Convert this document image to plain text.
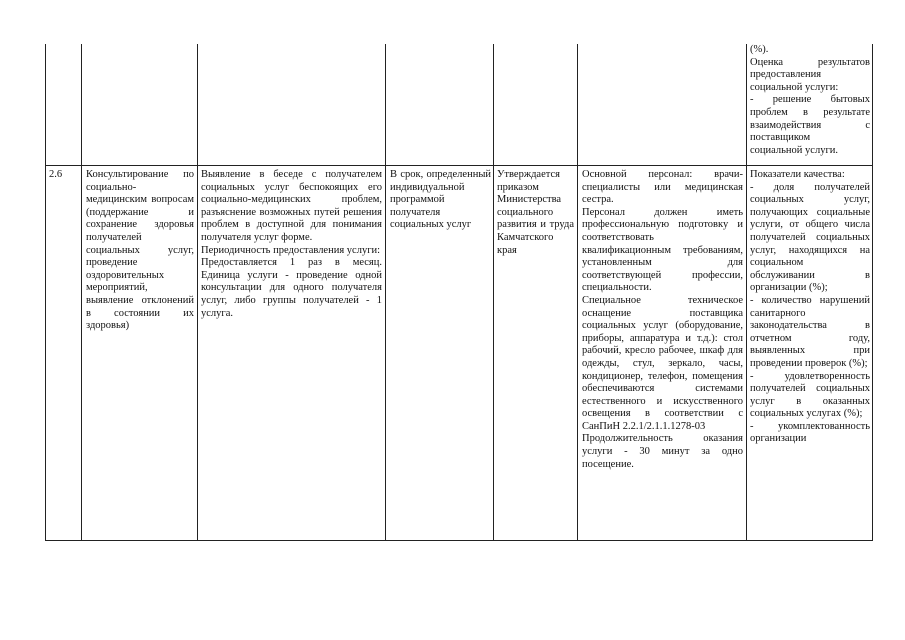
(%).
Оценка результатов
предоставления
социальной услуги:
- решение бытовых
проблем в результате
взаимодействия с
поставщиком
социальной услуги.
2.6	Консультирование по социально-медицинским вопросам (поддержание и сохранение здоровья получателей социальных услуг, проведение оздоровительных мероприятий, выявление отклонений в состоянии их здоровья)

Выявление в беседе с получателем социальных услуг беспокоящих его социально-медицинских проблем, разъяснение возможных путей решения проблем в доступной для понимания получателя услуг форме.

Периодичность предоставления услуги:

Предоставляется 1 раз в месяц. Единица услуги - проведение одной консультации для одного получателя услуг, либо группы получателей - 1 услуга.

В срок, определенный индивидуальной программой получателя социальных услуг

Утверждается приказом Министерства социального развития и труда Камчатского края

Основной персонал: врачи-специалисты или медицинская сестра.

Персонал должен иметь профессиональную подготовку и соответствовать квалификационным требованиям, установленным для соответствующей профессии, специальности.

Специальное техническое оснащение поставщика социальных услуг (оборудование, приборы, аппаратура и т.д.): стол рабочий, кресло рабочее, шкаф для одежды, стул, зеркало, часы, кондиционер, телефон, помещения обеспечиваются системами естественного и искусственного освещения в соответствии с СанПиН 2.2.1/2.1.1.1278-03

Продолжительность оказания услуги - 30 минут за одно посещение.

Показатели качества:

- доля получателей социальных услуг, получающих социальные услуги, от общего числа получателей социальных услуг, находящихся на социальном обслуживании в организации (%);

- количество нарушений санитарного законодательства в отчетном году, выявленных при проведении проверок (%);

- удовлетворенность получателей социальных услуг в оказанных социальных услугах (%);

- укомплектованность организации
